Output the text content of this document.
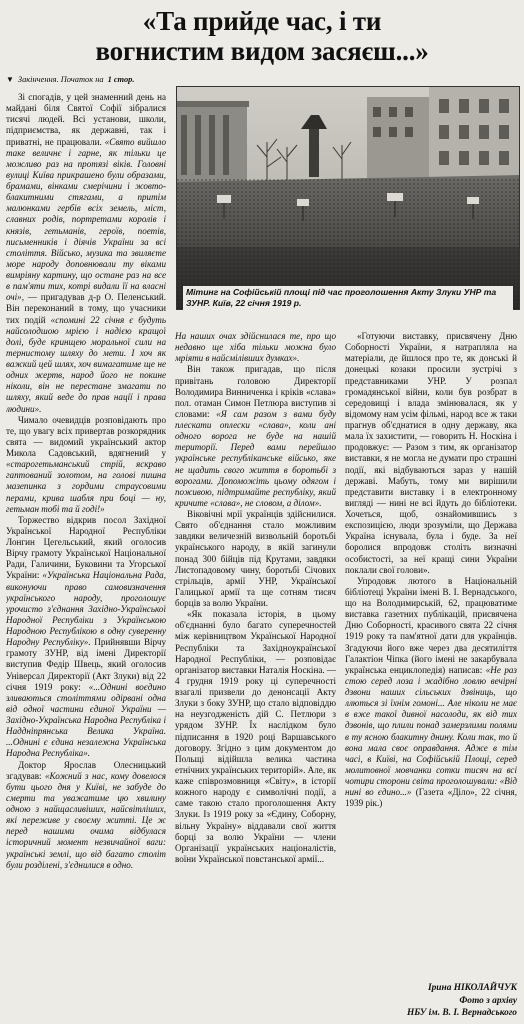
«Та прийде час, і ти
вогнистим видом засяєш...»
▼ Закінчення. Початок на 1 стор.
Мітинг на Софійській площі під час проголошення Акту Злуки УНР та ЗУНР. Київ, 22 січня 1919 р.

Зі спогадів, у цей знаменний день на майдані біля Святої Софії зібралися тисячі людей. Всі установи, школи, підприємства, як державні, так і приватні, не працювали. «Свято вийшло таке величнє і гарне, як тільки це можливо раз на протязі віків. Головні вулиці Київа прикрашено були образами, брамами, вінками смерічини і жовто-блакитними стягами, а притім малюнками гербів всіх земель, міст, славних родів, портретами королів і князів, гетьманів, героїв, поетів, письменників і діячів України за всі століття. Військо, музика та звиляєте море народу доповнювали ту віками вимріяну картину, що остане раз на все в пам'яти тих, котрі видали її на власні очі», — пригадував д-р О. Пеленський. Він переконаний в тому, що учасники тих подій «спомині 22 січня є будуть найсолодшою мрією і надією кращої долі, буде кринщею моральної сили на тернистому шляху до мети. І хоч як важкий цей шлях, хоч вимагатиме ще не одних жертв, народ його не покине ніколи, він не перестане змагати по шляху, який веде до прав нації і права людини».

Чимало очевидців розповідають про те, що увагу всіх привертав розкорядник свята — видомий український актор Микола Садовський, вдягнений у «старогетьманський стрій, яскраво гаптований золотом, на голові пишна мазепинка з гордими страусовими перами, крива шабля при боці — ну, гетьман тобі та й годі!»

Торжество відкрив посол Західної Української Народної Республіки Лонгин Цегельський, який оголосив Вірчу грамоту Української Національної Ради, Галичини, Буковини та Угорської України: «Українська Національна Рада, виконуючи право самовизначення українського народу, проголошує урочисто з'єднання Західно-Української Народної Республіки з Українською Народною Республікою в одну суверенну Народну Республіку». Прийнявши Вірчу грамоту ЗУНР, від імені Директорії виступив Федір Швець, який оголосив Універсал Директорії (Акт Злуки) від 22 січня 1919 року: «...Однині воєдино зливаються століттями одірвані одна від одної частини єдиної України — Західно-Українська Народна Республіка і Наддніпрянська Велика Україна. ...Однині є єдина незалежна Українська Народна Республіка».

Доктор Ярослав Олесницький згадував: «Кожний з нас, кому довелося бути цього дня у Київі, не забуде до смерти та уважатиме цю хвилину одною з найщасливіших, найсвітліших, які переживе у своєму житті. Це ж перед нашими очима відбулася історичний момент незвичайної ваги: українські землі, що від багато століт були розділені, з'єднилися в одно.

На наших очах здійснилася те, про що недавно ще хіба тільки можна було мріяти в найсмілівших думках».

Він також пригадав, що після привітань головою Директорії Володимира Винниченка і кріків «слава» пол. отаман Симон Петлюра виступив зі словами: «Я сам разом з вами буду плескати оплески «слава», коли ані одного ворога не буде на нашій території. Перед вами перейшло українське республіканське військо, яке не щадить свого життя в боротьбі з ворогами. Допоможіть цьому одягом і поживою, підтримайте республіку, який кричите «слава», не словом, а ділом».

Віковічні мрії українців здійснилися. Свято об'єднання стало можливим завдяки величезній визвольній боротьбі українського народу, в якій загинули понад 300 бійців під Крутами, завдяки Листопадовому чину, боротьбі Січових стрільців, армії УНР, Української Галицької армії та ще сотням тисяч борців за волю України.

«Як показала історія, в цьому об'єднанні було багато суперечностей між керівництвом Української Народної Республіки та Західноукраїнської Народної Республіки, — розповідає організатор виставки Наталія Носкіна. — 4 грудня 1919 року ці суперечності взагалі призвели до денонсації Акту Злуки з боку ЗУНР, що стало відповіддю на неузгодженість дій С. Петлюри з урядом ЗУНР. Їх наслідком було підписання в 1920 році Варшавського договору. Згідно з цим документом до Польщі відійшла велика частина етнічних українських територій». Але, як каже співрозмовниця «Світу», в історії кожного народу є символічні події, а саме такою стало проголошення Акту Злуки. Із 1919 року за «Єдину, Соборну, вільну Україну» віддавали свої життя борці за волю України — члени Організації українських націоналістів, воїни Української повстанської армії...

«Готуючи виставку, присвячену Дню Соборності України, я натрапляла на матеріали, де йшлося про те, як донські й донецькі козаки просили зустрічі з представниками УНР. У розпал громадянської війни, коли був розбрат в середовищі і влада змінювалася, як у відомому нам усім фільмі, народ все ж таки прагнув об'єднатися в одну державу, яка мала їх захистити, — говорить Н. Носкіна і продовжує: — Разом з тим, як організатор виставки, я не могла не думати про страшні події, які відбуваються зараз у нашій державі. Мабуть, тому ми вирішили представити виставку і в електронному вигляді — нині не всі йдуть до бібліотеки. Хочеться, щоб, ознайомившись з експозицією, люди зрозуміли, що Держава Україна існувала, була і буде. За неї боролися впродовж століть визначні особистості, за неї кращі сини України поклали свої голови».

Упродовж лютого в Національній бібліотеці України імені В. І. Вернадського, що на Володимирській, 62, працюватиме виставка газетних публікацій, присвячена Дню Соборності, красивого свята 22 січня 1919 року та пам'ятної дати для українців. Згадуючи його вже через два десятиліття Галактіон Чіпка (його імені не закарбувала українська енциклопедія) написав: «Не раз стою серед лоза і жадібно ловлю вечірні дзвони наших сільських дзвіниць, що ллються зі їхнім гомоні... Але ніколи не має в вже такої дивної насолоди, як від тих дзвонів, що плили понад замерзлими полями в ту ясною блакитну днину. Коли так, то й вона мала своє оправдання. Адже в тім часі, в Київі, на Софійській Площі, серед молитовної мовчанки сотки тисяч на всі чотири сторони світа проголошували: «Від нині во єдино...» (Газета «Діло», 22 січня, 1939 рік.)

Ірина НІКОЛАЙЧУК
Фото з архіву
НБУ ім. В. І. Вернадського
